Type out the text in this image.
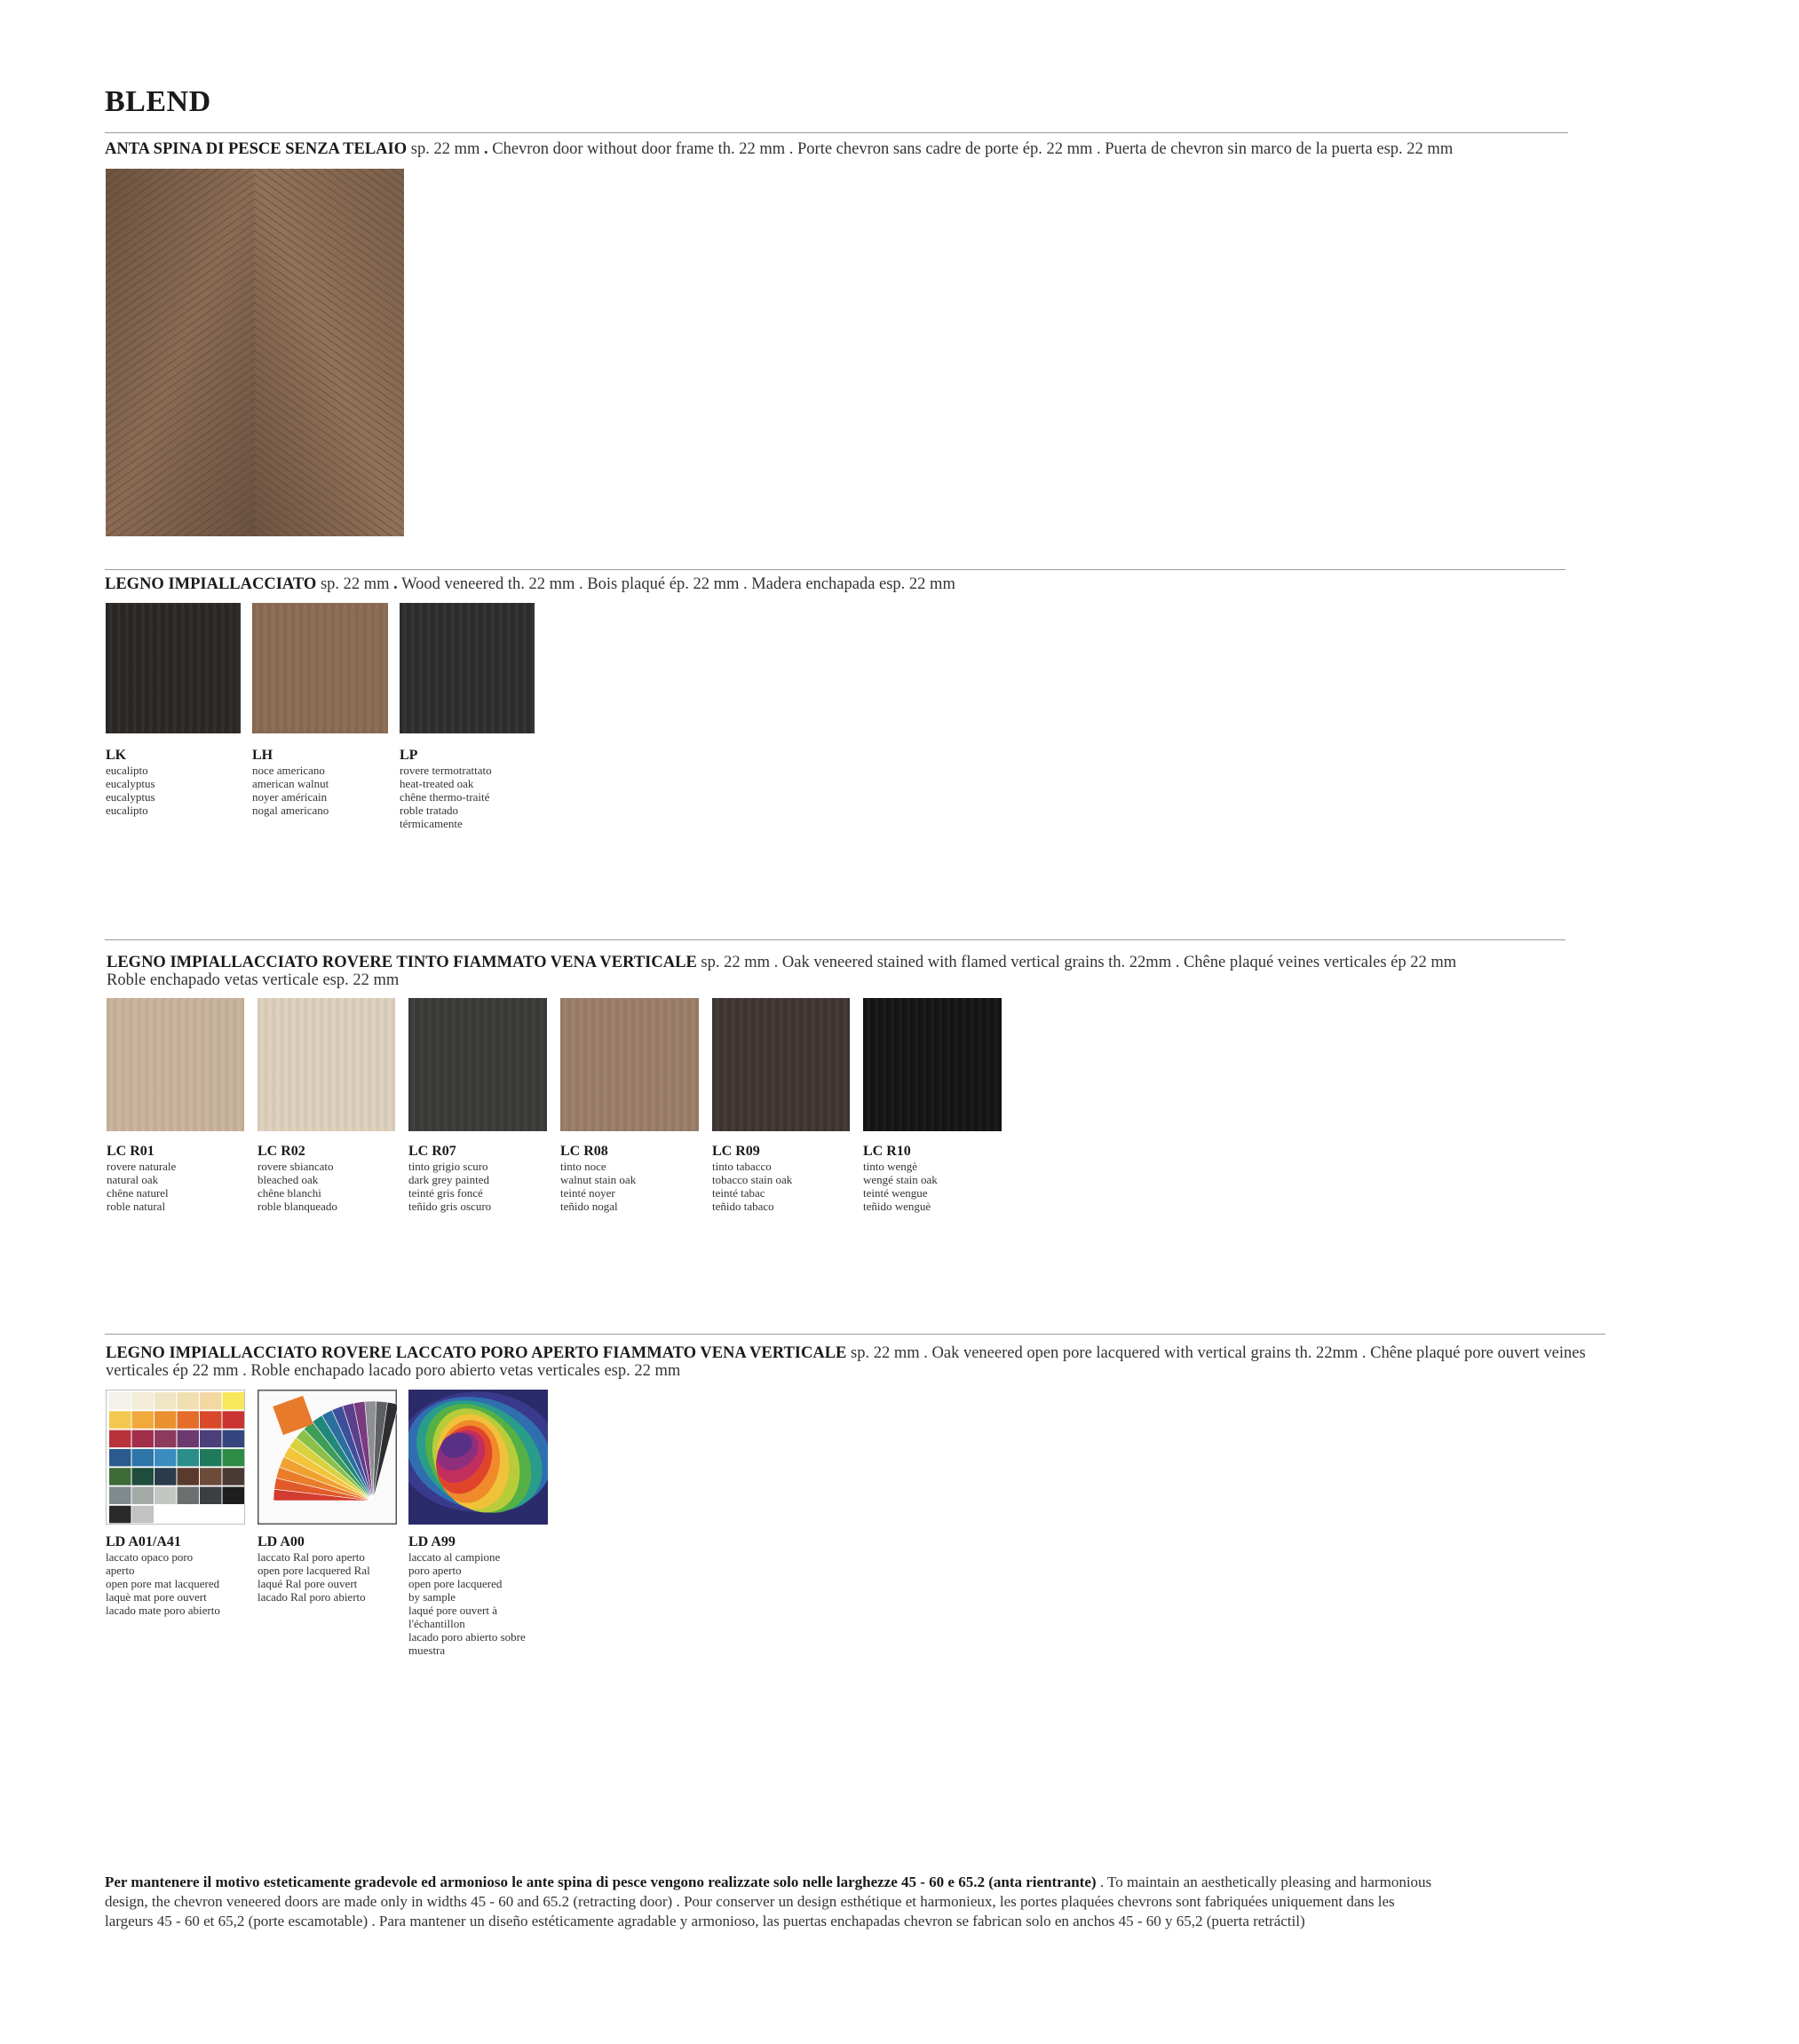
BLEND
ANTA SPINA DI PESCE SENZA TELAIO sp. 22 mm . Chevron door without door frame th. 22 mm . Porte chevron sans cadre de porte ép. 22 mm . Puerta de chevron sin marco de la puerta esp. 22 mm
LEGNO IMPIALLACCIATO sp. 22 mm . Wood veneered th. 22 mm . Bois plaqué ép. 22 mm . Madera enchapada esp. 22 mm
LK
eucalipto
eucalyptus
eucalyptus
eucalipto
LH
noce americano
american walnut
noyer américain
nogal americano
LP
rovere termotrattato
heat-treated oak
chêne thermo-traité
roble tratado
térmicamente
LEGNO IMPIALLACCIATO ROVERE TINTO FIAMMATO VENA VERTICALE sp. 22 mm . Oak veneered stained with flamed vertical grains th. 22mm . Chêne plaqué veines verticales ép 22 mm
Roble enchapado vetas verticale esp. 22 mm
LC R01
rovere naturale
natural oak
chêne naturel
roble natural
LC R02
rovere sbiancato
bleached oak
chêne blanchi
roble blanqueado
LC R07
tinto grigio scuro
dark grey painted
teinté gris foncé
teñido gris oscuro
LC R08
tinto noce
walnut stain oak
teinté noyer
teñido nogal
LC R09
tinto tabacco
tobacco stain oak
teinté tabac
teñido tabaco
LC R10
tinto wengè
wengé stain oak
teinté wengue
teñido wenguè
LEGNO IMPIALLACCIATO ROVERE LACCATO PORO APERTO FIAMMATO VENA VERTICALE sp. 22 mm . Oak veneered open pore lacquered with vertical grains th. 22mm . Chêne plaqué pore ouvert veines
verticales ép 22 mm . Roble enchapado lacado poro abierto vetas verticales esp. 22 mm
LD A01/A41
laccato opaco poro
aperto
open pore mat lacquered
laquè mat pore ouvert
lacado mate poro abierto
LD A00
laccato Ral poro aperto
open pore lacquered Ral
laqué Ral pore ouvert
lacado Ral poro abierto
LD A99
laccato al campione
poro aperto
open pore lacquered
by sample
laqué pore ouvert à
l'échantillon
lacado poro abierto sobre
muestra
Per mantenere il motivo esteticamente gradevole ed armonioso le ante spina di pesce vengono realizzate solo nelle larghezze 45 - 60 e 65.2 (anta rientrante) . To maintain an aesthetically pleasing and harmonious
design, the chevron veneered doors are made only in widths 45 - 60 and 65.2 (retracting door) . Pour conserver un design esthétique et harmonieux, les portes plaquées chevrons sont fabriquées uniquement dans les
largeurs 45 - 60 et 65,2 (porte escamotable) . Para mantener un diseño estéticamente agradable y armonioso, las puertas enchapadas chevron se fabrican solo en anchos 45 - 60 y 65,2 (puerta retráctil)
